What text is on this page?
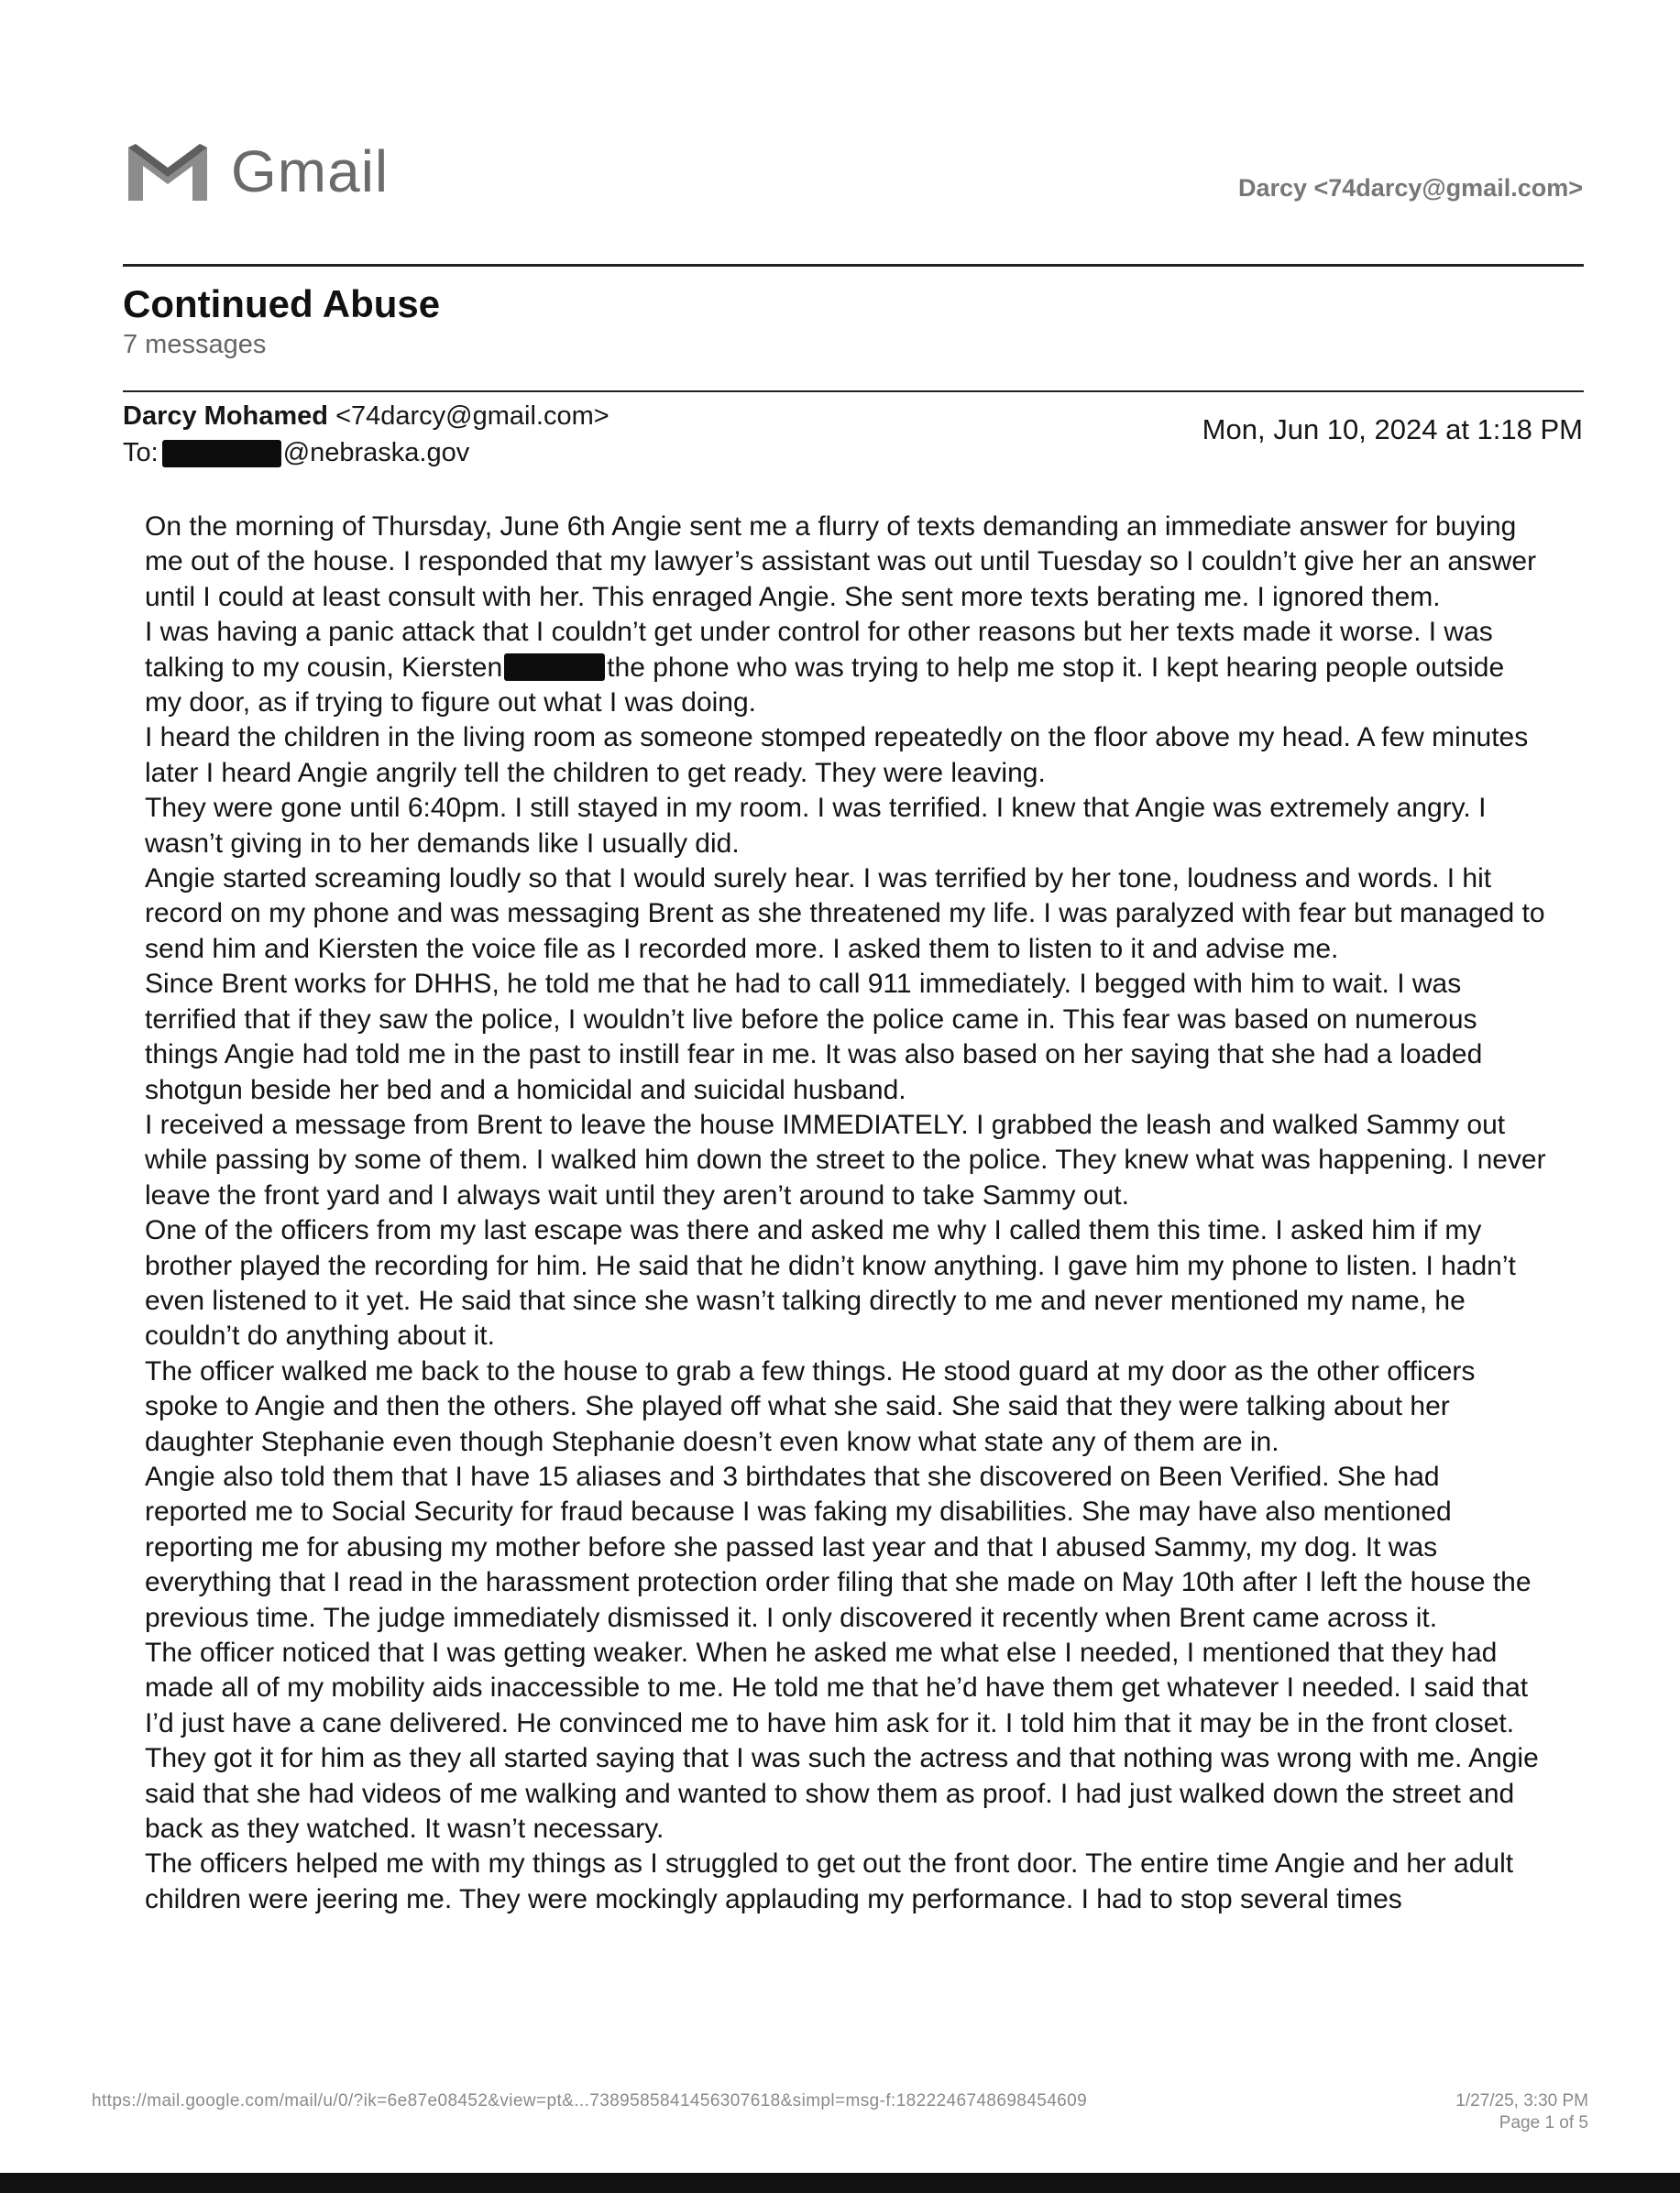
Gmail	Darcy <74darcy@gmail.com>
Continued Abuse
7 messages
Darcy Mohamed <74darcy@gmail.com>
To:	@nebraska.gov
Mon, Jun 10, 2024 at 1:18 PM

On the morning of Thursday, June 6th Angie sent me a flurry of texts demanding an immediate answer for buying me out of the house. I responded that my lawyer’s assistant was out until Tuesday so I couldn’t give her an answer until I could at least consult with her. This enraged Angie. She sent more texts berating me. I ignored them.

I was having a panic attack that I couldn’t get under control for other reasons but her texts made it worse. I was talking to my cousin, Kiersten	the phone who was trying to help me stop it. I kept hearing people outside my door, as if trying to figure out what I was doing.

I heard the children in the living room as someone stomped repeatedly on the floor above my head. A few minutes later I heard Angie angrily tell the children to get ready. They were leaving.

They were gone until 6:40pm. I still stayed in my room. I was terrified. I knew that Angie was extremely angry. I wasn’t giving in to her demands like I usually did.

Angie started screaming loudly so that I would surely hear. I was terrified by her tone, loudness and words. I hit record on my phone and was messaging Brent as she threatened my life. I was paralyzed with fear but managed to send him and Kiersten the voice file as I recorded more. I asked them to listen to it and advise me.

Since Brent works for DHHS, he told me that he had to call 911 immediately. I begged with him to wait. I was terrified that if they saw the police, I wouldn’t live before the police came in. This fear was based on numerous things Angie had told me in the past to instill fear in me. It was also based on her saying that she had a loaded shotgun beside her bed and a homicidal and suicidal husband.

I received a message from Brent to leave the house IMMEDIATELY. I grabbed the leash and walked Sammy out while passing by some of them. I walked him down the street to the police. They knew what was happening. I never leave the front yard and I always wait until they aren’t around to take Sammy out.

One of the officers from my last escape was there and asked me why I called them this time. I asked him if my brother played the recording for him. He said that he didn’t know anything. I gave him my phone to listen. I hadn’t even listened to it yet. He said that since she wasn’t talking directly to me and never mentioned my name, he couldn’t do anything about it.

The officer walked me back to the house to grab a few things. He stood guard at my door as the other officers spoke to Angie and then the others. She played off what she said. She said that they were talking about her daughter Stephanie even though Stephanie doesn’t even know what state any of them are in.

Angie also told them that I have 15 aliases and 3 birthdates that she discovered on Been Verified. She had reported me to Social Security for fraud because I was faking my disabilities. She may have also mentioned reporting me for abusing my mother before she passed last year and that I abused Sammy, my dog. It was everything that I read in the harassment protection order filing that she made on May 10th after I left the house the previous time. The judge immediately dismissed it. I only discovered it recently when Brent came across it.

The officer noticed that I was getting weaker. When he asked me what else I needed, I mentioned that they had made all of my mobility aids inaccessible to me. He told me that he’d have them get whatever I needed. I said that I’d just have a cane delivered. He convinced me to have him ask for it. I told him that it may be in the front closet.

They got it for him as they all started saying that I was such the actress and that nothing was wrong with me. Angie said that she had videos of me walking and wanted to show them as proof. I had just walked down the street and back as they watched. It wasn’t necessary.

The officers helped me with my things as I struggled to get out the front door. The entire time Angie and her adult children were jeering me. They were mockingly applauding my performance. I had to stop several times

https://mail.google.com/mail/u/0/?ik=6e87e08452&view=pt&...7389585841456307618&simpl=msg-f:1822246748698454609	1/27/25, 3:30 PM
Page 1 of 5
